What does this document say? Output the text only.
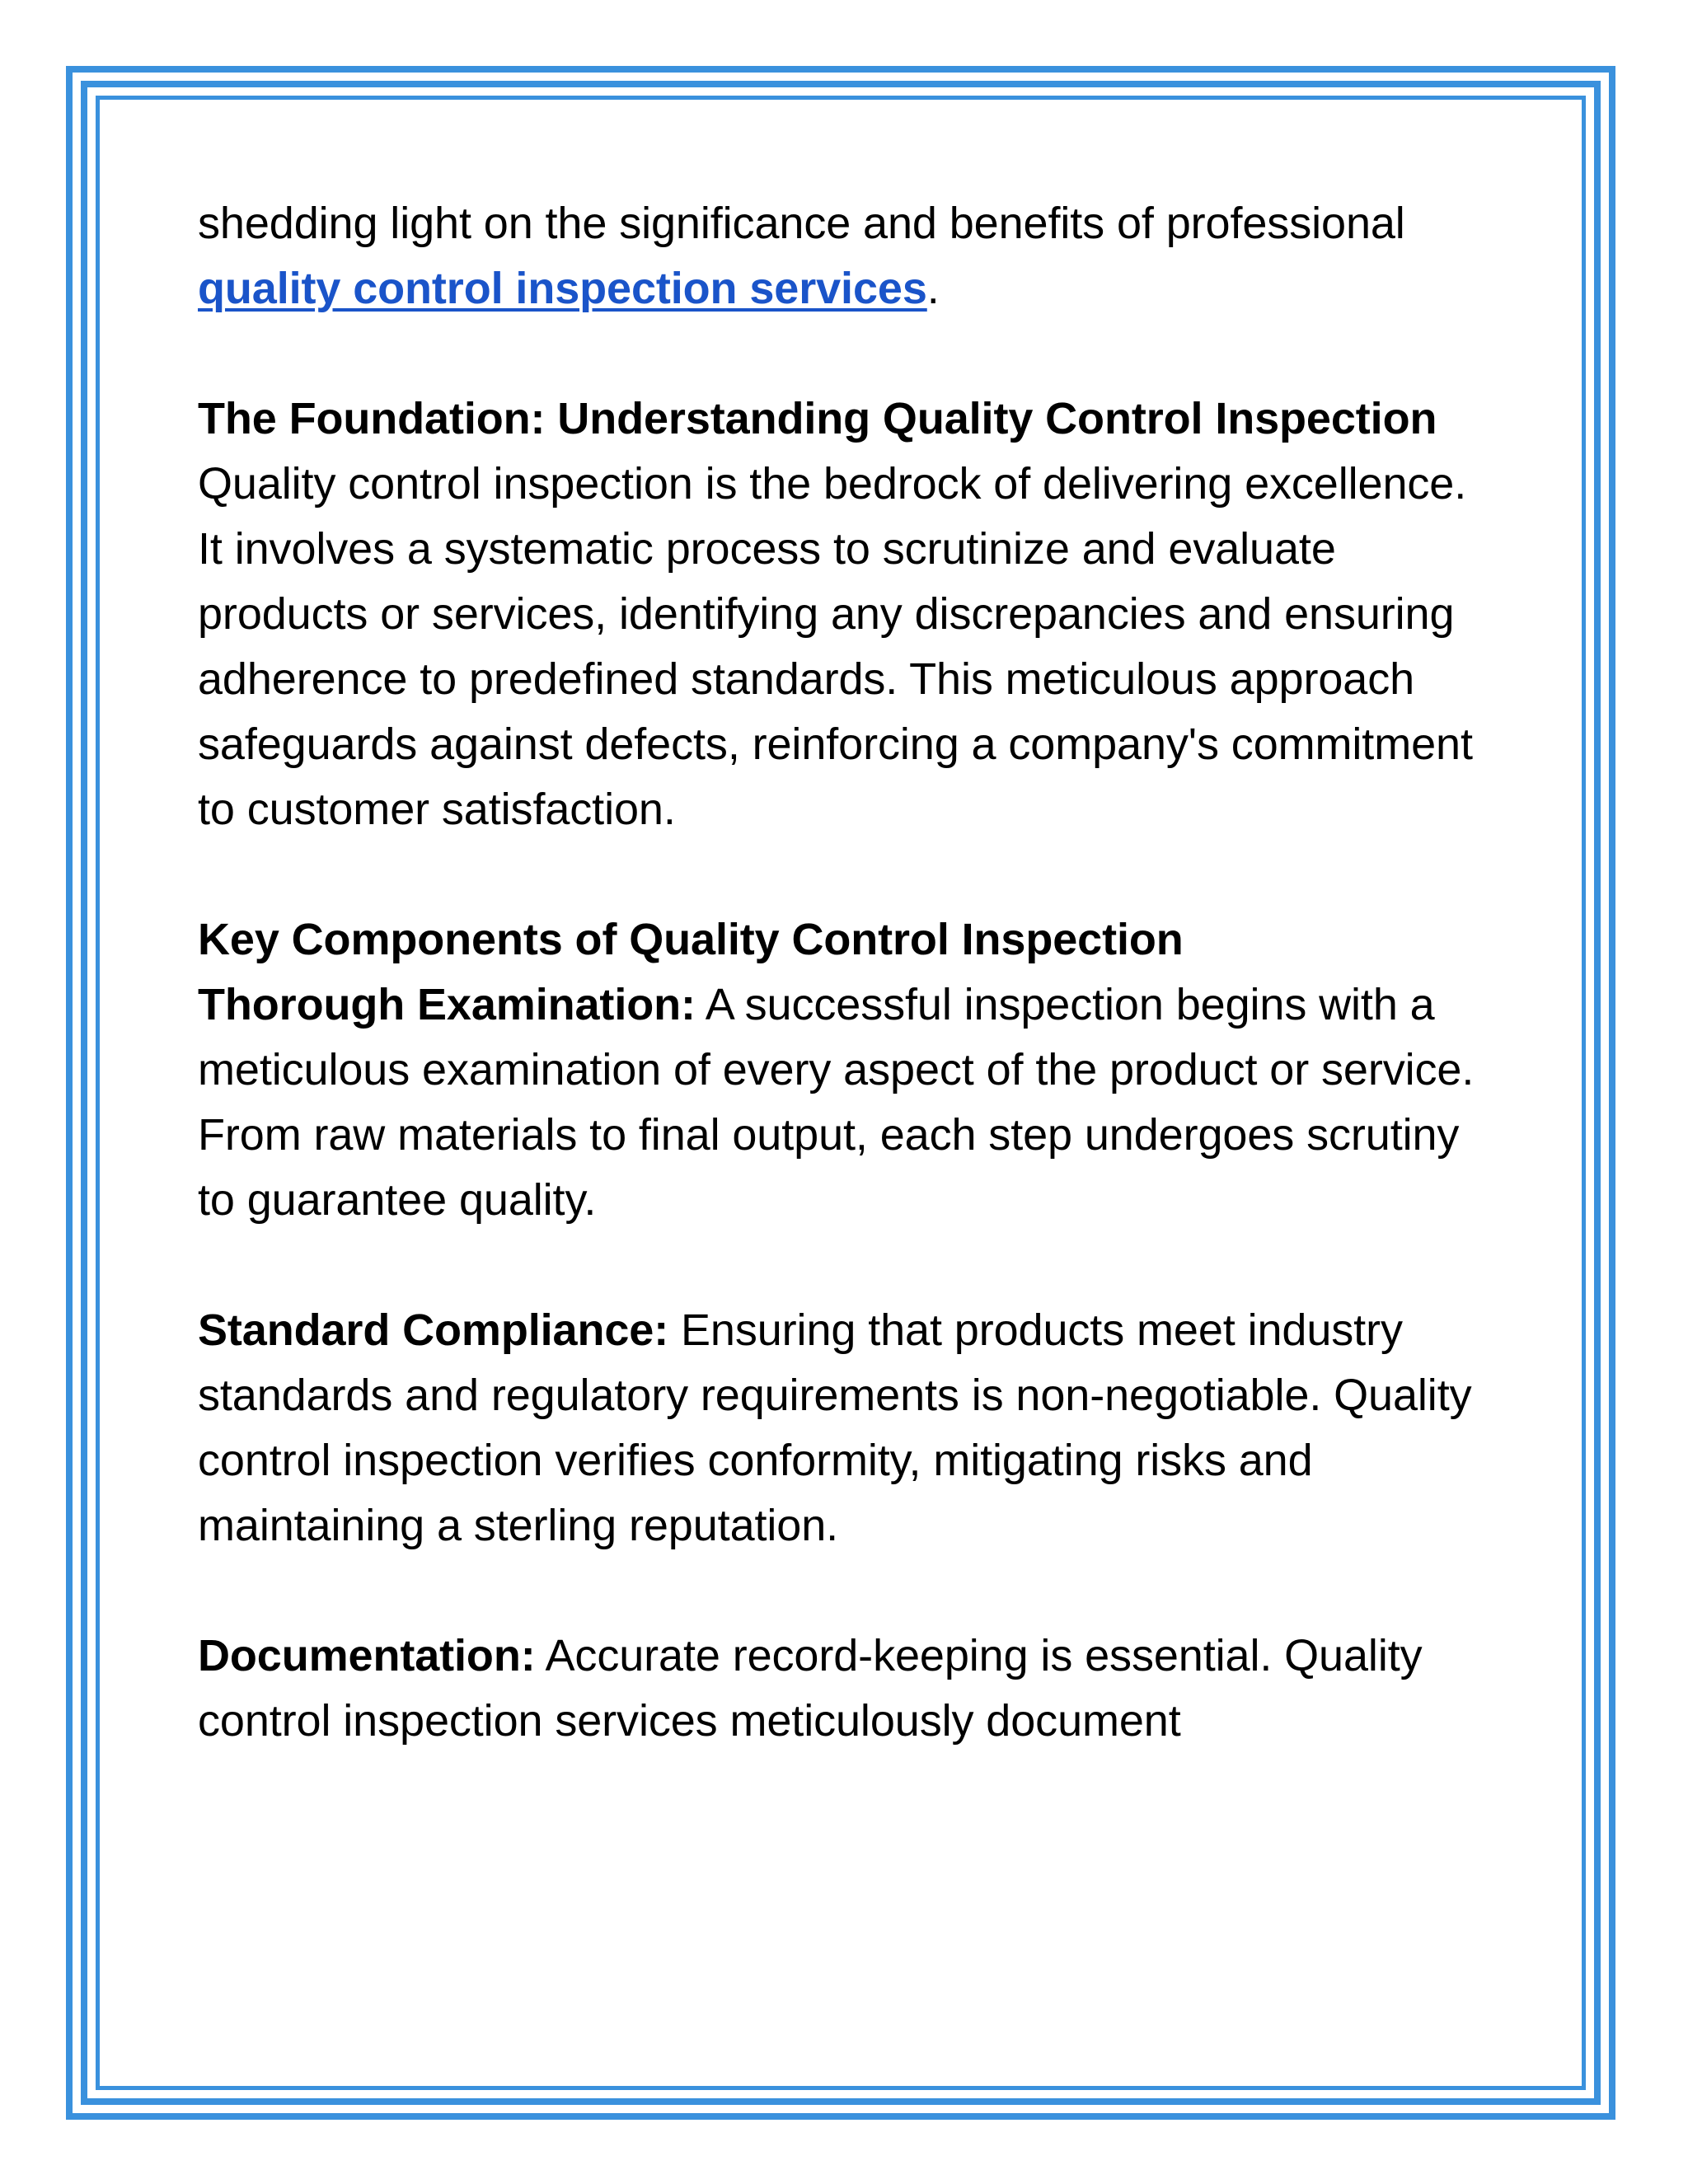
shedding light on the significance and benefits of professional quality control inspection services.

The Foundation: Understanding Quality Control Inspection

Quality control inspection is the bedrock of delivering excellence. It involves a systematic process to scrutinize and evaluate products or services, identifying any discrepancies and ensuring adherence to predefined standards. This meticulous approach safeguards against defects, reinforcing a company's commitment to customer satisfaction.

Key Components of Quality Control Inspection

Thorough Examination: A successful inspection begins with a meticulous examination of every aspect of the product or service. From raw materials to final output, each step undergoes scrutiny to guarantee quality.

Standard Compliance: Ensuring that products meet industry standards and regulatory requirements is non-negotiable. Quality control inspection verifies conformity, mitigating risks and maintaining a sterling reputation.

Documentation: Accurate record-keeping is essential. Quality control inspection services meticulously document
